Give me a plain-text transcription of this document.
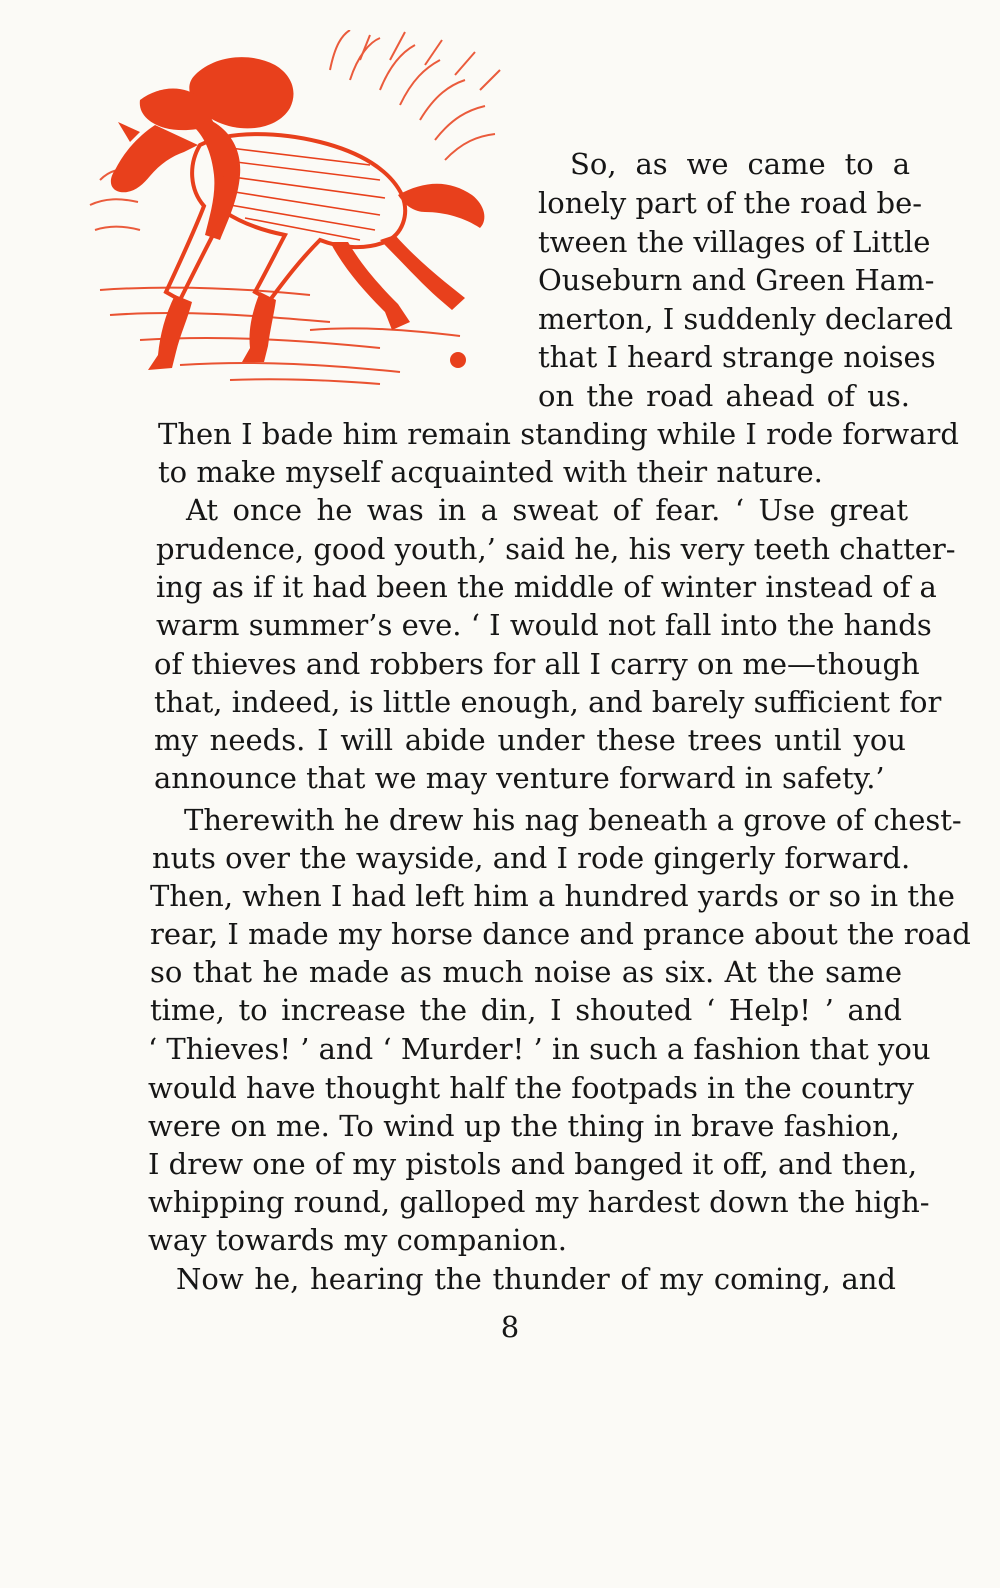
So, as we came to a
lonely part of the road be-
tween the villages of Little
Ouseburn and Green Ham-
merton, I suddenly declared
that I heard strange noises
on the road ahead of us.
Then I bade him remain standing while I rode forward
to make myself acquainted with their nature.
At once he was in a sweat of fear. ‘ Use great
prudence, good youth,’ said he, his very teeth chatter-
ing as if it had been the middle of winter instead of a
warm summer’s eve. ‘ I would not fall into the hands
of thieves and robbers for all I carry on me—though
that, indeed, is little enough, and barely sufficient for
my needs. I will abide under these trees until you
announce that we may venture forward in safety.’
Therewith he drew his nag beneath a grove of chest-
nuts over the wayside, and I rode gingerly forward.
Then, when I had left him a hundred yards or so in the
rear, I made my horse dance and prance about the road
so that he made as much noise as six. At the same
time, to increase the din, I shouted ‘ Help! ’ and
‘ Thieves! ’ and ‘ Murder! ’ in such a fashion that you
would have thought half the footpads in the country
were on me. To wind up the thing in brave fashion,
I drew one of my pistols and banged it off, and then,
whipping round, galloped my hardest down the high-
way towards my companion.
Now he, hearing the thunder of my coming, and
8
